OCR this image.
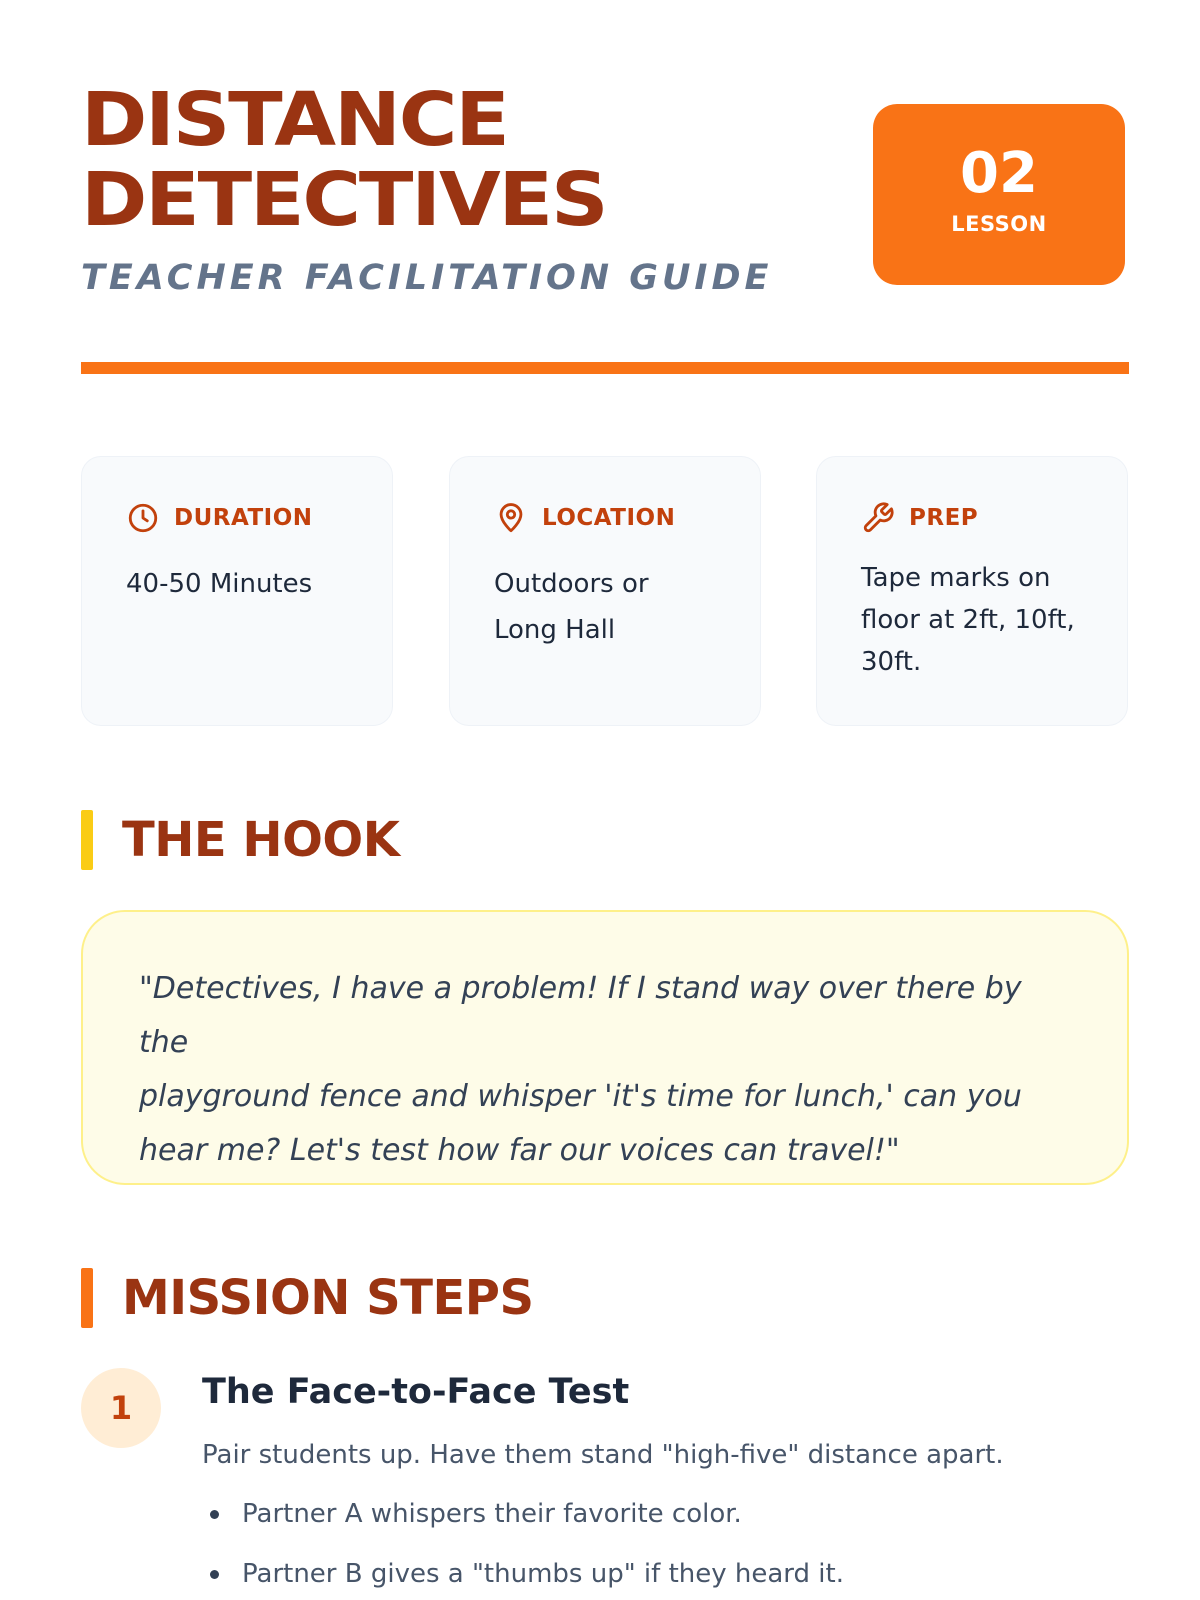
DISTANCE
DETECTIVES
TEACHER FACILITATION GUIDE
02
LESSON
DURATION
40-50 Minutes
LOCATION
Outdoors or
Long Hall
PREP
Tape marks on
floor at 2ft, 10ft,
30ft.
THE HOOK
"Detectives, I have a problem! If I stand way over there by the
playground fence and whisper 'it's time for lunch,' can you
hear me? Let's test how far our voices can travel!"
MISSION STEPS
1	The Face-to-Face Test
Pair students up. Have them stand "high-five" distance apart.
Partner A whispers their favorite color.
Partner B gives a "thumbs up" if they heard it.
